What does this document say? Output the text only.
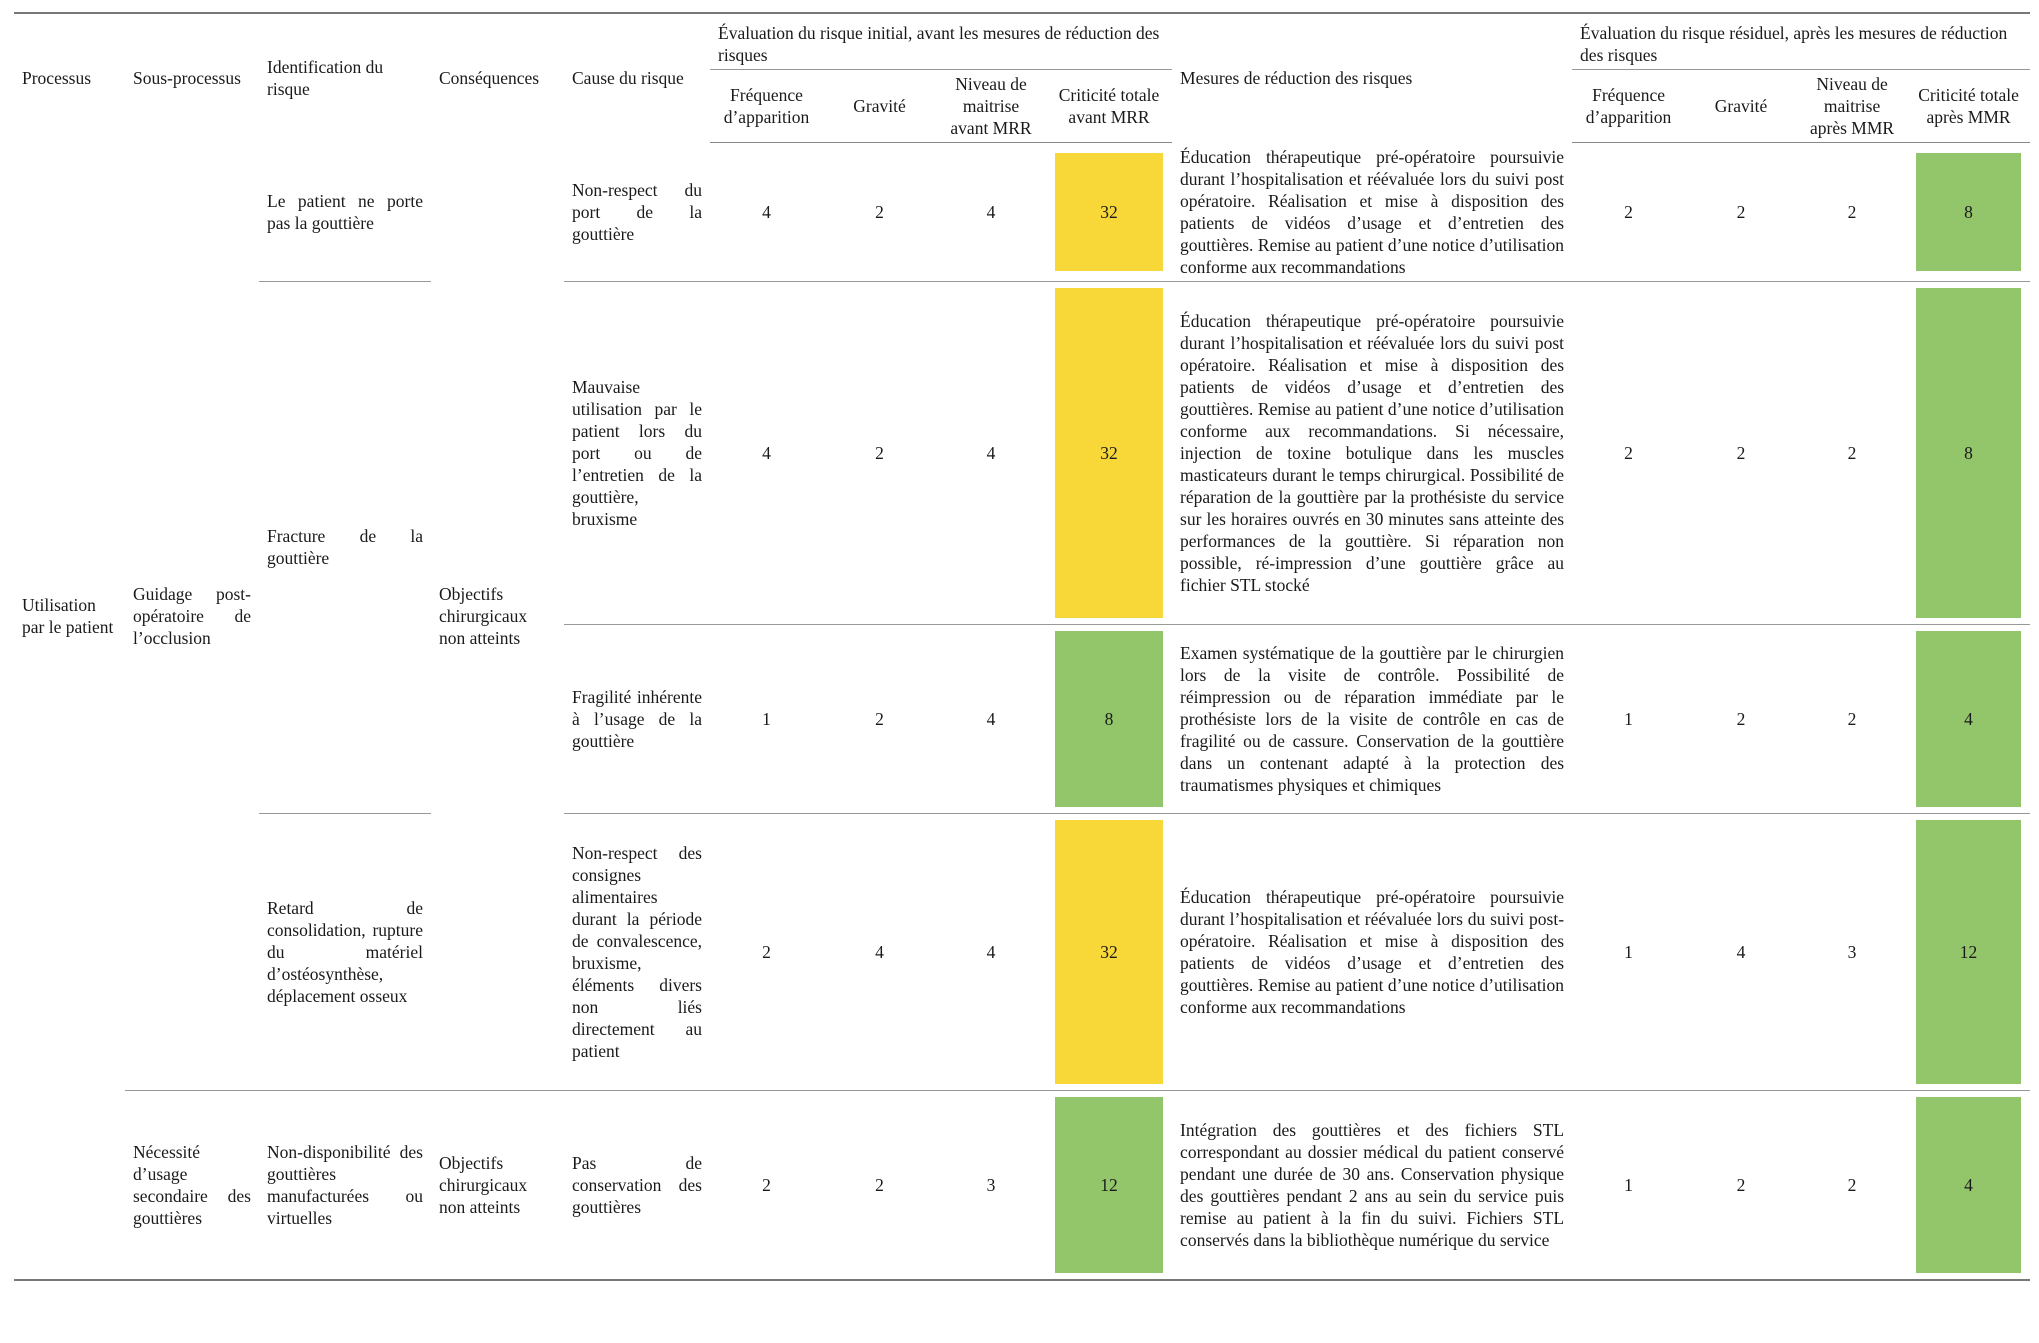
Processus	Sous-processus	Identification du risque	Conséquences	Cause du risque	Évaluation du risque initial, avant les mesures de réduction des risques				Mesures de réduction des risques	Évaluation du risque résiduel, après les mesures de réduction des risques			
					Fréquence d’apparition	Gravité	Niveau de maitrise avant MRR	Criticité totale avant MRR		Fréquence d’apparition	Gravité	Niveau de maitrise après MMR	Criticité totale après MMR
Utilisation par le patient	Guidage post-opératoire de l’occlusion	Le patient ne porte pas la gouttière	Objectifs chirurgicaux non atteints	Non-respect du port de la gouttière	4	2	4	32	Éducation thérapeutique pré-opératoire poursuivie durant l’hospitalisation et réévaluée lors du suivi post opératoire. Réalisation et mise à disposition des patients de vidéos d’usage et d’entretien des gouttières. Remise au patient d’une notice d’utilisation conforme aux recommandations	2	2	2	8

		Fracture de la gouttière		Mauvaise utilisation par le patient lors du port ou de l’entretien de la gouttière, bruxisme	4	2	4	32	Éducation thérapeutique pré-opératoire poursuivie durant l’hospitalisation et réévaluée lors du suivi post opératoire. Réalisation et mise à disposition des patients de vidéos d’usage et d’entretien des gouttières. Remise au patient d’une notice d’utilisation conforme aux recommandations. Si nécessaire, injection de toxine botulique dans les muscles masticateurs durant le temps chirurgical. Possibilité de réparation de la gouttière par la prothésiste du service sur les horaires ouvrés en 30 minutes sans atteinte des performances de la gouttière. Si réparation non possible, ré-impression d’une gouttière grâce au fichier STL stocké	2	2	2	8

				Fragilité inhérente à l’usage de la gouttière	1	2	4	8	Examen systématique de la gouttière par le chirurgien lors de la visite de contrôle. Possibilité de réimpression ou de réparation immédiate par le prothésiste lors de la visite de contrôle en cas de fragilité ou de cassure. Conservation de la gouttière dans un contenant adapté à la protection des traumatismes physiques et chimiques	1	2	2	4

		Retard de consolidation, rupture du matériel d’ostéosynthèse, déplacement osseux		Non-respect des consignes alimentaires durant la période de convalescence, bruxisme, éléments divers non liés directement au patient	2	4	4	32	Éducation thérapeutique pré-opératoire poursuivie durant l’hospitalisation et réévaluée lors du suivi post-opératoire. Réalisation et mise à disposition des patients de vidéos d’usage et d’entretien des gouttières. Remise au patient d’une notice d’utilisation conforme aux recommandations	1	4	3	12

	Nécessité d’usage secondaire des gouttières	Non-disponibilité des gouttières manufacturées ou virtuelles	Objectifs chirurgicaux non atteints	Pas de conservation des gouttières	2	2	3	12	Intégration des gouttières et des fichiers STL correspondant au dossier médical du patient conservé pendant une durée de 30 ans. Conservation physique des gouttières pendant 2 ans au sein du service puis remise au patient à la fin du suivi. Fichiers STL conservés dans la bibliothèque numérique du service	1	2	2	4
